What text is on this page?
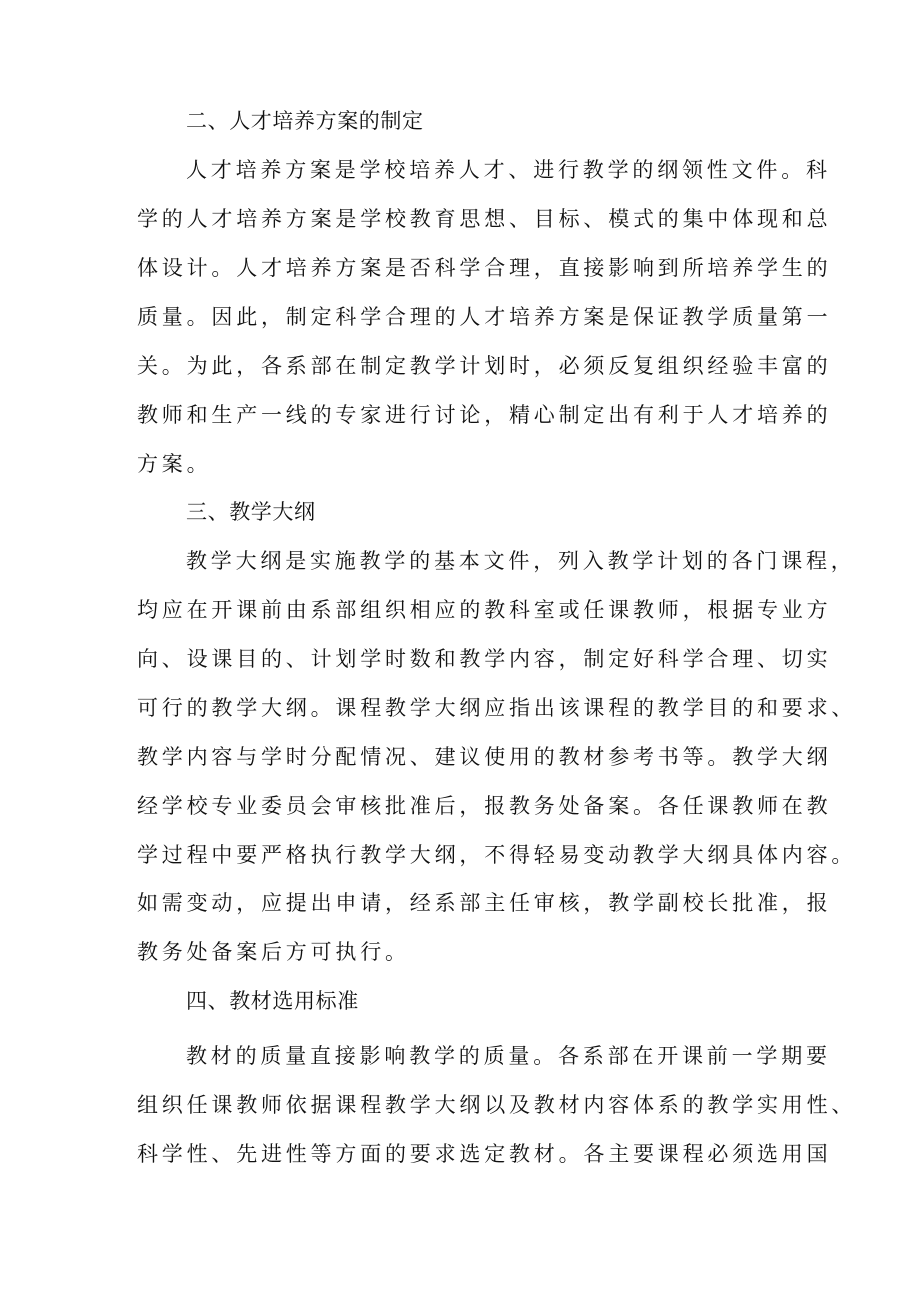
二、人才培养方案的制定
人才培养方案是学校培养人才、进行教学的纲领性文件。科
学的人才培养方案是学校教育思想、目标、模式的集中体现和总
体设计。人才培养方案是否科学合理，直接影响到所培养学生的
质量。因此，制定科学合理的人才培养方案是保证教学质量第一
关。为此，各系部在制定教学计划时，必须反复组织经验丰富的
教师和生产一线的专家进行讨论，精心制定出有利于人才培养的
方案。
三、教学大纲
教学大纲是实施教学的基本文件，列入教学计划的各门课程，
均应在开课前由系部组织相应的教科室或任课教师，根据专业方
向、设课目的、计划学时数和教学内容，制定好科学合理、切实
可行的教学大纲。课程教学大纲应指出该课程的教学目的和要求、
教学内容与学时分配情况、建议使用的教材参考书等。教学大纲
经学校专业委员会审核批准后，报教务处备案。各任课教师在教
学过程中要严格执行教学大纲，不得轻易变动教学大纲具体内容。
如需变动，应提出申请，经系部主任审核，教学副校长批准，报
教务处备案后方可执行。
四、教材选用标准
教材的质量直接影响教学的质量。各系部在开课前一学期要
组织任课教师依据课程教学大纲以及教材内容体系的教学实用性、
科学性、先进性等方面的要求选定教材。各主要课程必须选用国
